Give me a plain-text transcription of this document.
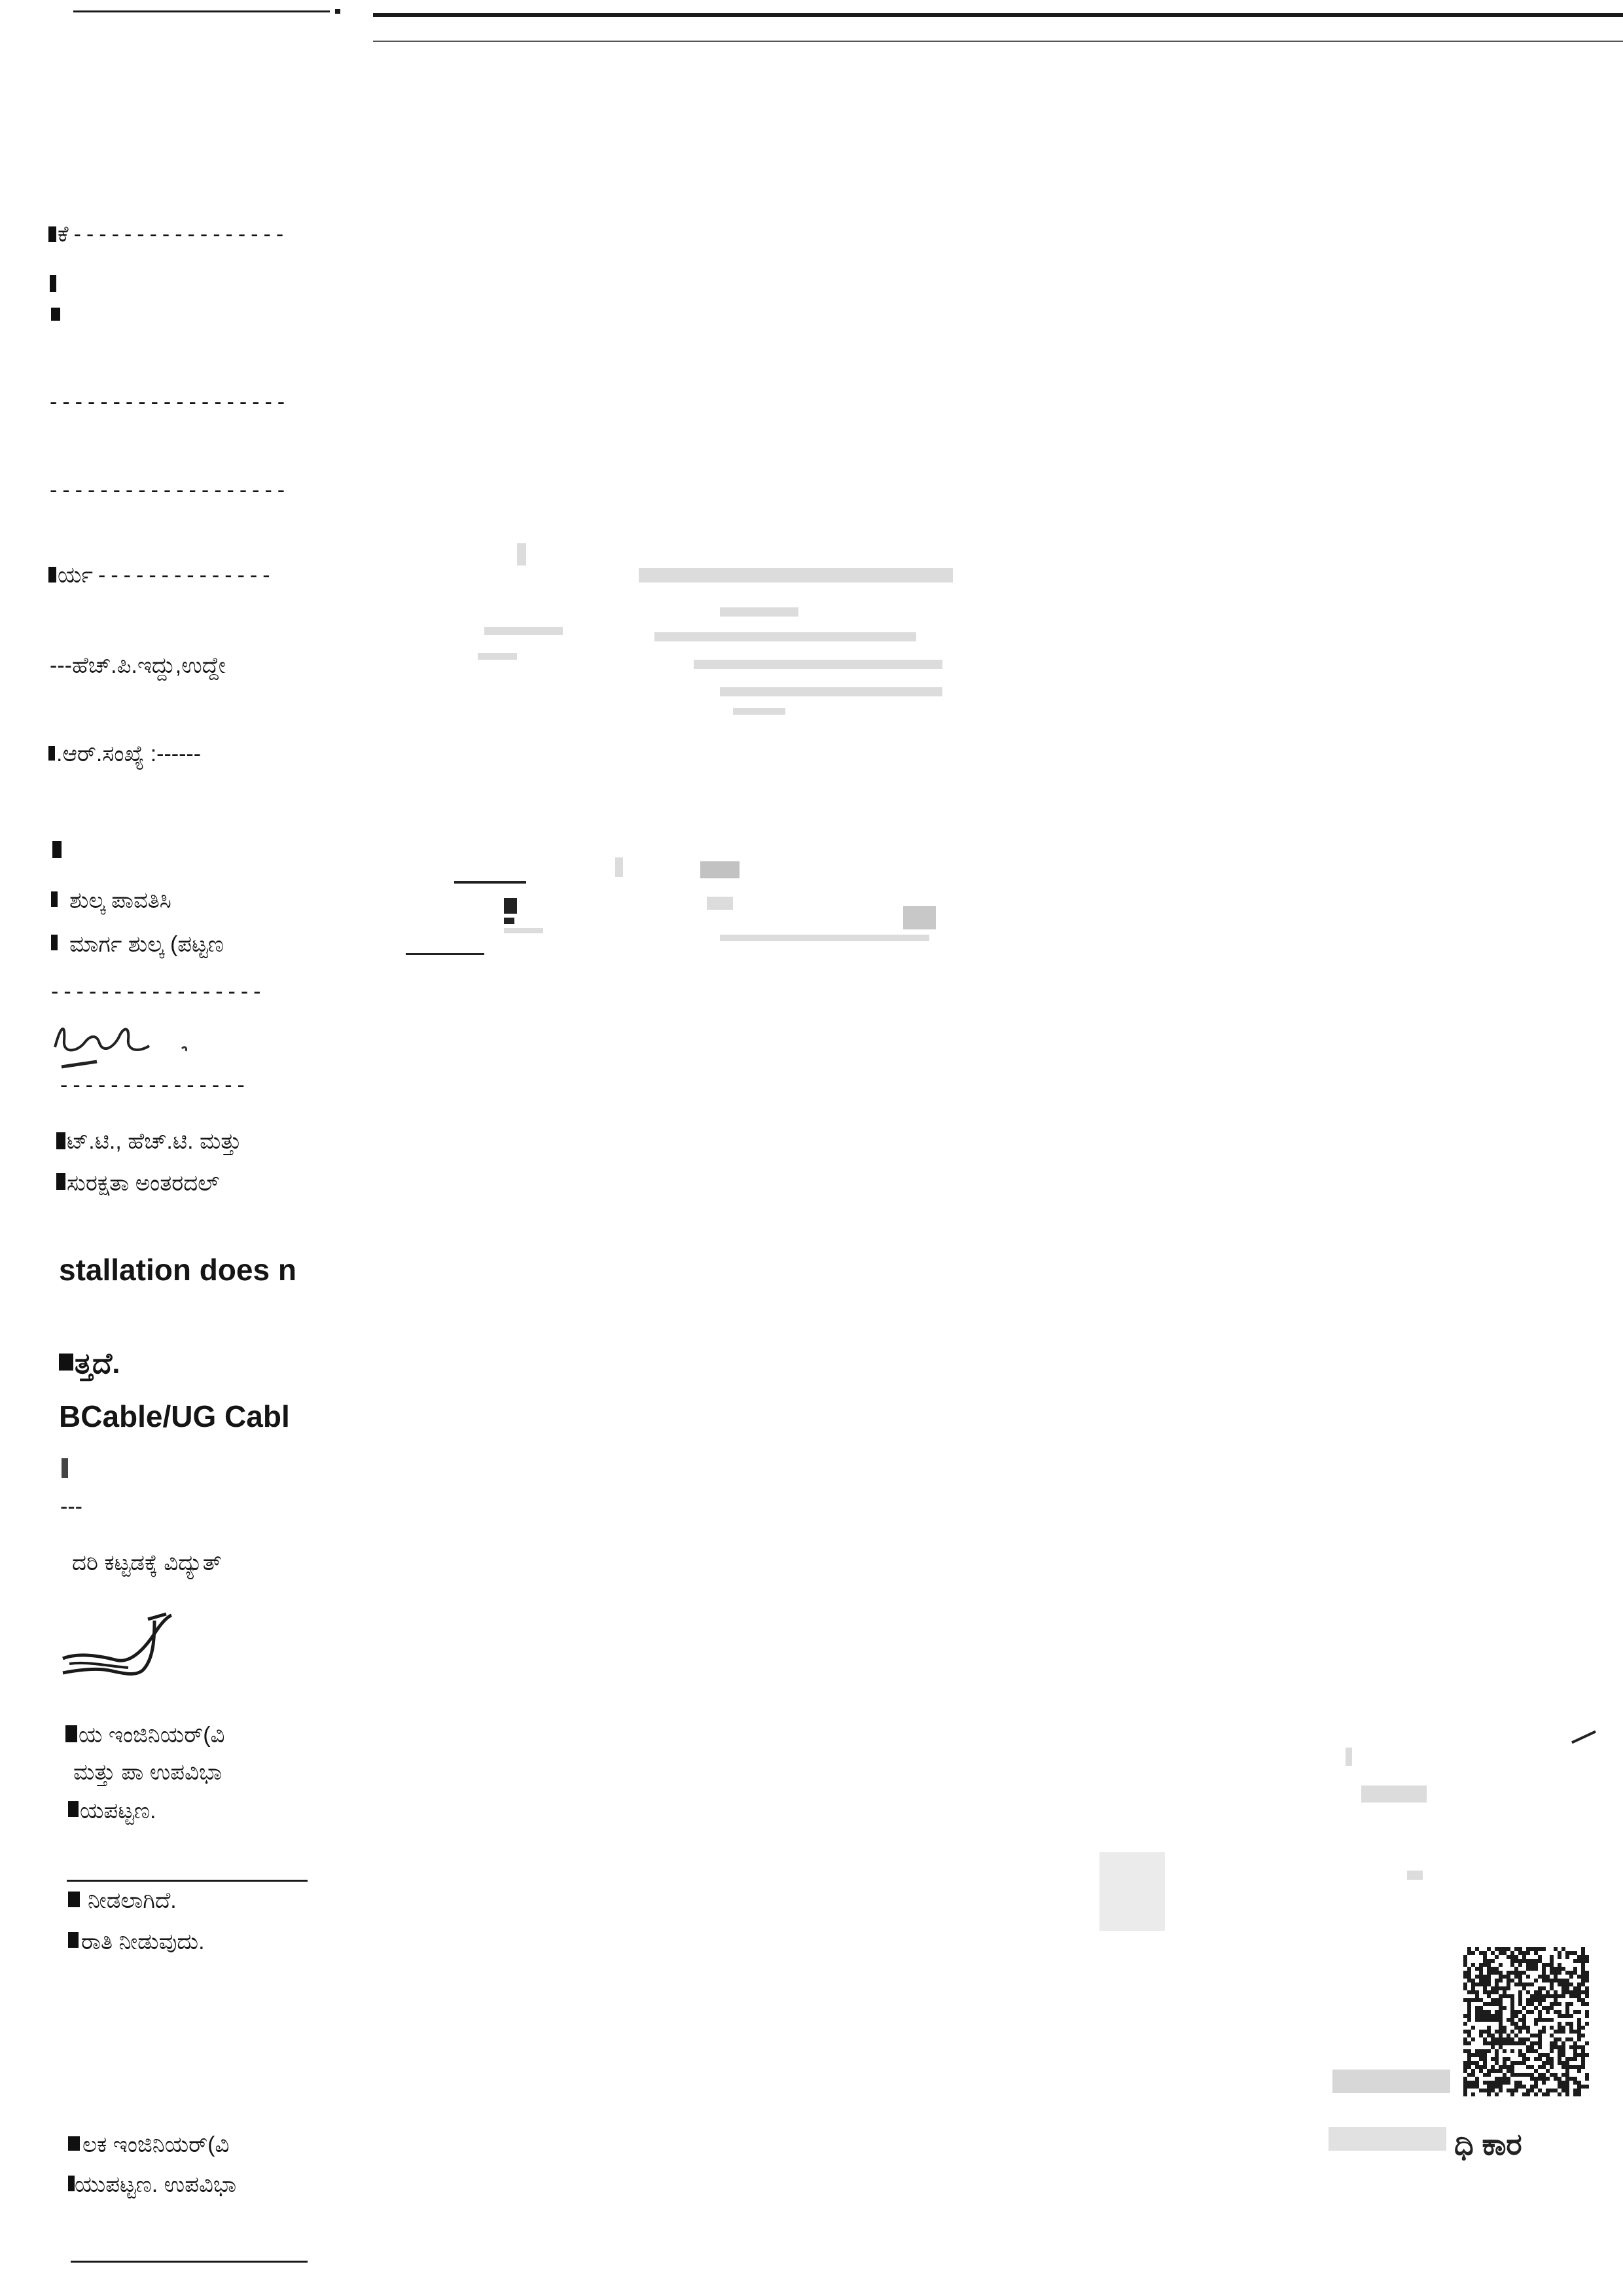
ಕೆ-----------------
-------------------
-------------------
ರ್ಯ--------------
---ಹೆಚ್.ಪಿ.ಇದ್ದು,ಉದ್ದೇ
.ಆರ್.ಸಂಖ್ಯೆ :------
ಶುಲ್ಕ ಪಾವತಿಸಿ
ಮಾರ್ಗ ಶುಲ್ಕ (ಪಟ್ಟಣ
-----------------
---------------
ಟ್.ಟಿ., ಹೆಚ್.ಟಿ. ಮತ್ತು
ಸುರಕ್ಷತಾ ಅಂತರದಲ್
stallation does n
ತ್ತದೆ.
BCable/UG Cabl
---
ದರಿ ಕಟ್ಟಡಕ್ಕೆ ವಿದ್ಯುತ್
ಯ ಇಂಜಿನಿಯರ್(ವಿ
ಮತ್ತು ಪಾ ಉಪವಿಭಾ
ಯಪಟ್ಟಣ.
ನೀಡಲಾಗಿದೆ.
ರಾತಿ ನೀಡುವುದು.
ಲಕ ಇಂಜಿನಿಯರ್(ವಿ
ಯುಪಟ್ಟಣ. ಉಪವಿಭಾ
ಧಿ ಕಾರ
